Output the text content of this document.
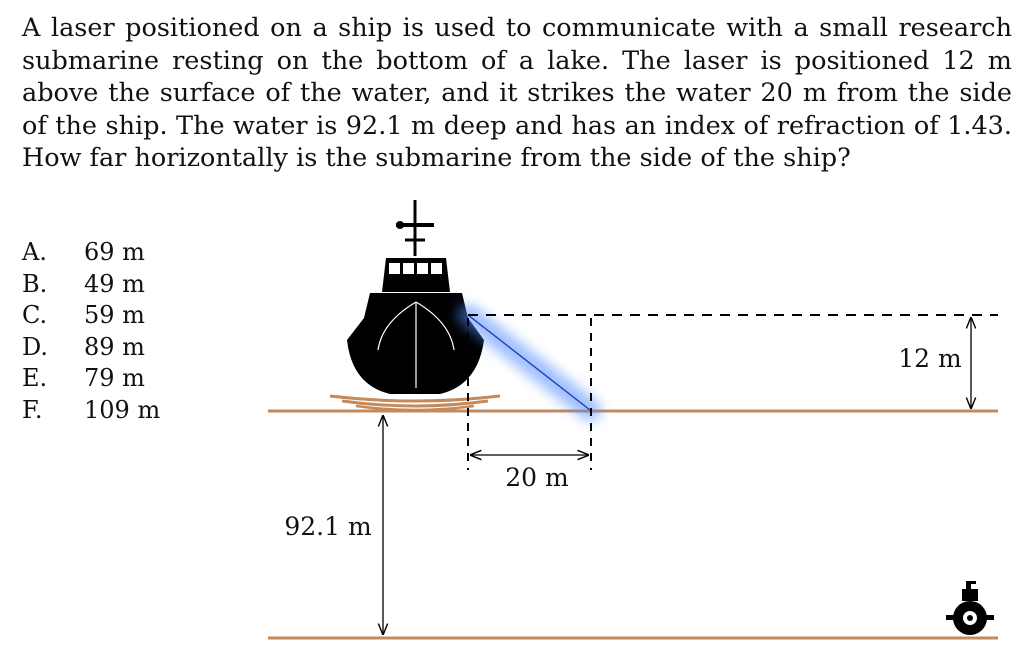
A laser positioned on a ship is used to communicate with a small research submarine resting on the bottom of a lake. The laser is positioned 12 m above the surface of the water, and it strikes the water 20 m from the side of the ship. The water is 92.1 m deep and has an index of refraction of 1.43. How far horizontally is the submarine from the side of the ship?

A.	69 m
B.	49 m
C.	59 m
D.	89 m
E.	79 m
F.	109 m
12 m
20 m
92.1 m
